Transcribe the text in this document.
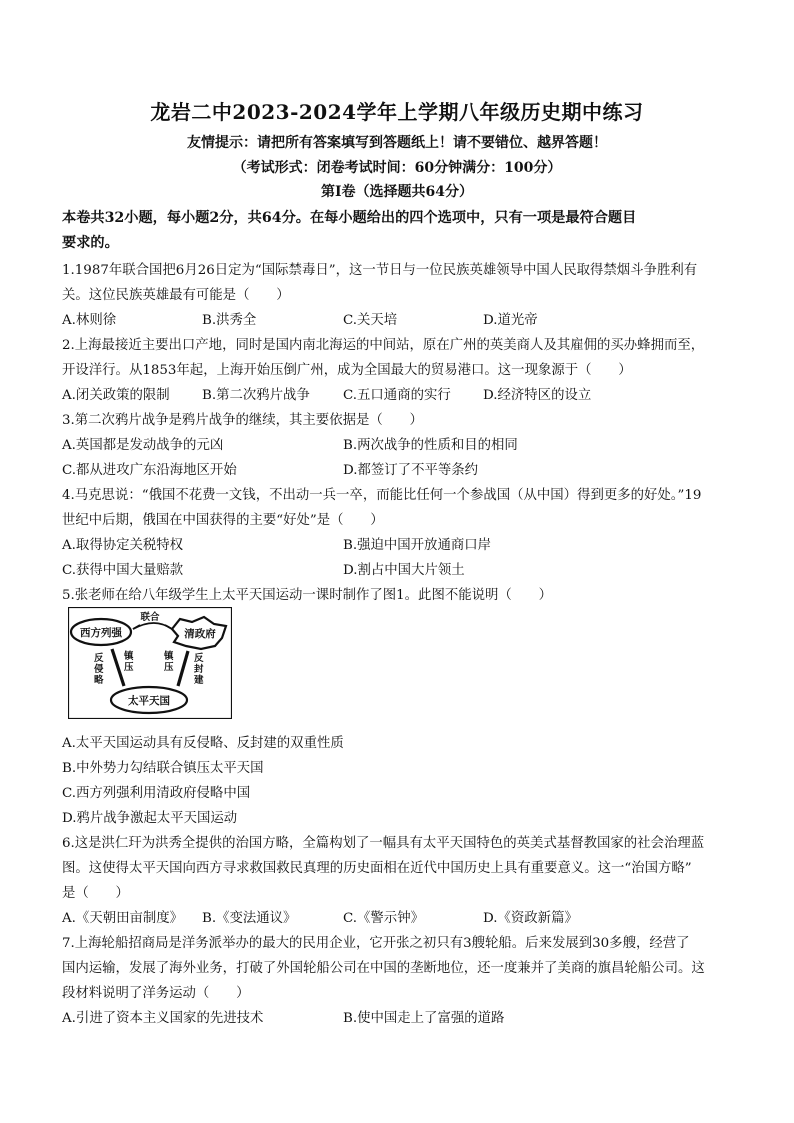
龙岩二中2023-2024学年上学期八年级历史期中练习
友情提示：请把所有答案填写到答题纸上！请不要错位、越界答题！
（考试形式：闭卷考试时间：60分钟满分：100分）
第Ⅰ卷（选择题共64分）
本卷共32小题，每小题2分，共64分。在每小题给出的四个选项中，只有一项是最符合题目
要求的。
1.1987年联合国把6月26日定为“国际禁毒日”，这一节日与一位民族英雄领导中国人民取得禁烟斗争胜利有
关。这位民族英雄最有可能是（　　）
A.林则徐	B.洪秀全	C.关天培	D.道光帝
2.上海最接近主要出口产地，同时是国内南北海运的中间站，原在广州的英美商人及其雇佣的买办蜂拥而至，
开设洋行。从1853年起，上海开始压倒广州，成为全国最大的贸易港口。这一现象源于（　　）
A.闭关政策的限制 B.第二次鸦片战争 C.五口通商的实行 D.经济特区的设立
3.第二次鸦片战争是鸦片战争的继续，其主要依据是（　　）
A.英国都是发动战争的元凶	B.两次战争的性质和目的相同
C.都从进攻广东沿海地区开始	D.都签订了不平等条约
4.马克思说：“俄国不花费一文钱，不出动一兵一卒，而能比任何一个参战国（从中国）得到更多的好处。”19
世纪中后期，俄国在中国获得的主要“好处”是（　　）
A.取得协定关税特权	B.强迫中国开放通商口岸
C.获得中国大量赔款	D.割占中国大片领土
5.张老师在给八年级学生上太平天国运动一课时制作了图1。此图不能说明（　　）
西方列强	清政府
联合
太平天国
反侵略
镇压
镇压
反封建
A.太平天国运动具有反侵略、反封建的双重性质
B.中外势力勾结联合镇压太平天国
C.西方列强利用清政府侵略中国
D.鸦片战争激起太平天国运动
6.这是洪仁玕为洪秀全提供的治国方略，全篇构划了一幅具有太平天国特色的英美式基督教国家的社会治理蓝
图。这使得太平天国向西方寻求救国救民真理的历史面相在近代中国历史上具有重要意义。这一“治国方略”
是（　　）
A.《天朝田亩制度》 B.《变法通议》	C.《警示钟》	D.《资政新篇》
7.上海轮船招商局是洋务派举办的最大的民用企业，它开张之初只有3艘轮船。后来发展到30多艘，经营了
国内运输，发展了海外业务，打破了外国轮船公司在中国的垄断地位，还一度兼并了美商的旗昌轮船公司。这
段材料说明了洋务运动（　　）
A.引进了资本主义国家的先进技术	B.使中国走上了富强的道路
